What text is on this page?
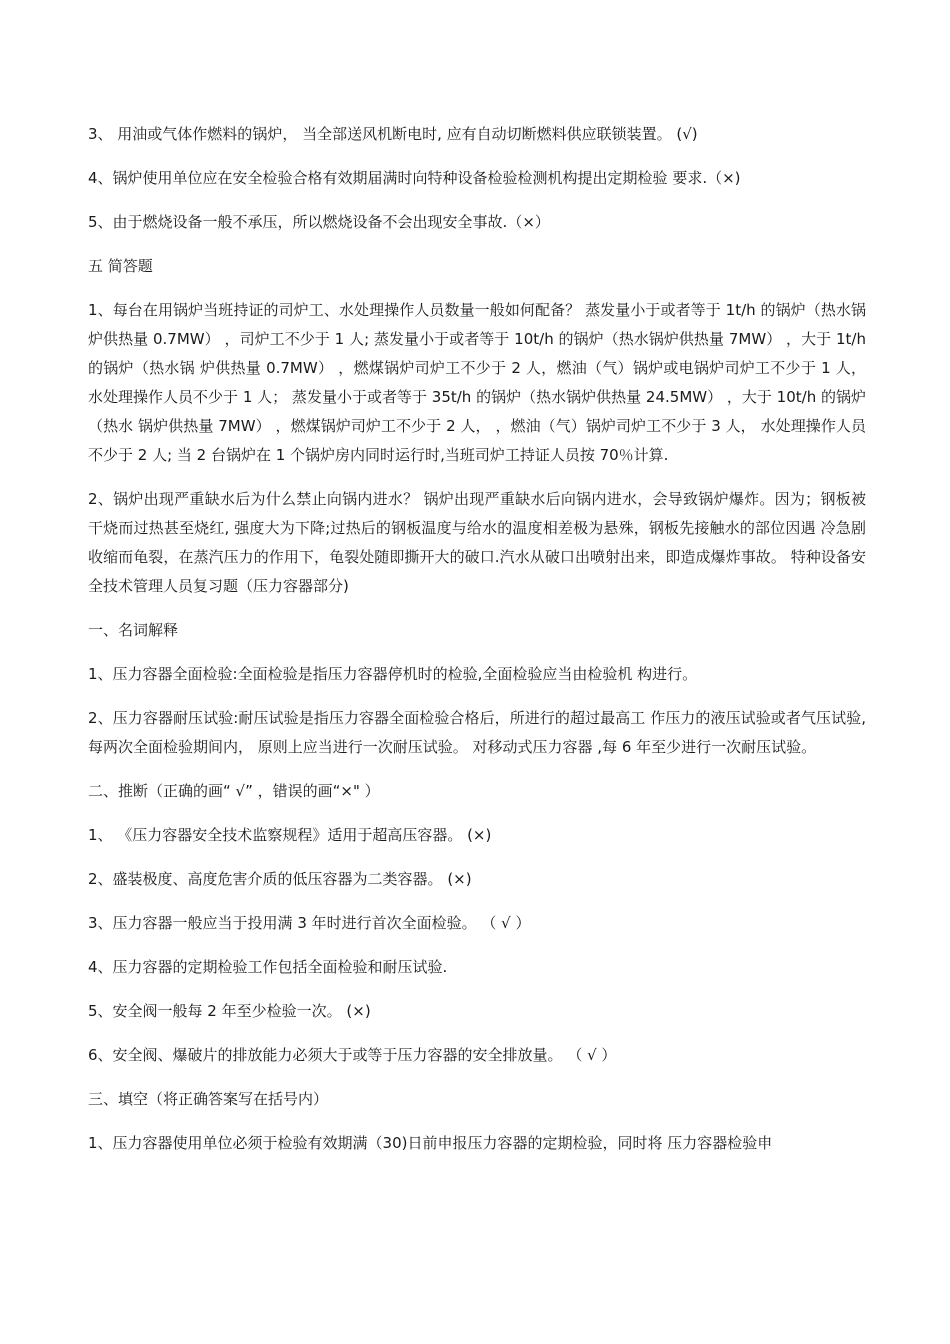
3、 用油或气体作燃料的锅炉， 当全部送风机断电时, 应有自动切断燃料供应联锁装置。 (√)

4、锅炉使用单位应在安全检验合格有效期届满时向特种设备检验检测机构提出定期检验 要求.（×)

5、由于燃烧设备一般不承压，所以燃烧设备不会出现安全事故.（×）

五 简答题

1、每台在用锅炉当班持证的司炉工、水处理操作人员数量一般如何配备？ 蒸发量小于或者等于 1t/h 的锅炉（热水锅炉供热量 0.7MW） ，司炉工不少于 1 人; 蒸发量小于或者等于 10t/h 的锅炉（热水锅炉供热量 7MW） ，大于 1t/h 的锅炉（热水锅 炉供热量 0.7MW） ，燃煤锅炉司炉工不少于 2 人，燃油（气）锅炉或电锅炉司炉工不少于 1 人，水处理操作人员不少于 1 人； 蒸发量小于或者等于 35t/h 的锅炉（热水锅炉供热量 24.5MW） ，大于 10t/h 的锅炉（热水 锅炉供热量 7MW） ，燃煤锅炉司炉工不少于 2 人， ，燃油（气）锅炉司炉工不少于 3 人， 水处理操作人员不少于 2 人; 当 2 台锅炉在 1 个锅炉房内同时运行时,当班司炉工持证人员按 70％计算.

2、锅炉出现严重缺水后为什么禁止向锅内进水？ 锅炉出现严重缺水后向锅内进水，会导致锅炉爆炸。因为；钢板被干烧而过热甚至烧红, 强度大为下降;过热后的钢板温度与给水的温度相差极为悬殊，钢板先接触水的部位因遇 冷急剧收缩而龟裂，在蒸汽压力的作用下，龟裂处随即撕开大的破口.汽水从破口出喷射出来，即造成爆炸事故。 特种设备安全技术管理人员复习题（压力容器部分)

一、名词解释

1、压力容器全面检验:全面检验是指压力容器停机时的检验,全面检验应当由检验机 构进行。

2、压力容器耐压试验:耐压试验是指压力容器全面检验合格后，所进行的超过最高工 作压力的液压试验或者气压试验, 每两次全面检验期间内， 原则上应当进行一次耐压试验。 对移动式压力容器 ,每 6 年至少进行一次耐压试验。

二、推断（正确的画“ √” ，错误的画“×" ）

1、 《压力容器安全技术监察规程》适用于超高压容器。 (×)

2、盛装极度、高度危害介质的低压容器为二类容器。 (×)

3、压力容器一般应当于投用满 3 年时进行首次全面检验。 （ √ ）

4、压力容器的定期检验工作包括全面检验和耐压试验.

5、安全阀一般每 2 年至少检验一次。 (×)

6、安全阀、爆破片的排放能力必须大于或等于压力容器的安全排放量。 （ √ ）

三、填空（将正确答案写在括号内）

1、压力容器使用单位必须于检验有效期满（30)日前申报压力容器的定期检验，同时将 压力容器检验申
